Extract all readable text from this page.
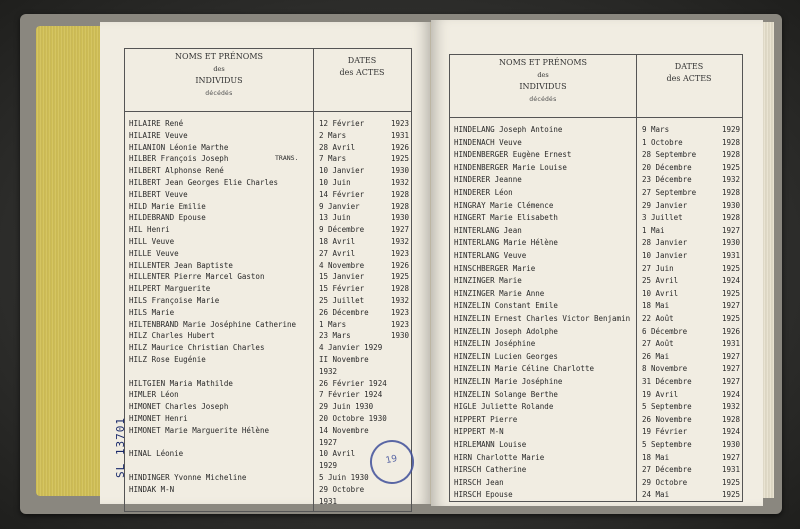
NOMS ET PRÉNOMS
des
INDIVIDUS
décédés
DATES
des ACTES
HILAIRE René	12 Février	1923
HILAIRE Veuve	2 Mars	1931
HILANION Léonie Marthe	28 Avril	1926
HILBER François Joseph	TRANS.	7 Mars	1925
HILBERT Alphonse René	10 Janvier	1930
HILBERT Jean Georges Elie Charles	10 Juin	1932
HILBERT Veuve	14 Février	1928
HILD Marie Emilie	9 Janvier	1928
HILDEBRAND Epouse	13 Juin	1930
HIL Henri	9 Décembre	1927
HILL Veuve	18 Avril	1932
HILLE Veuve	27 Avril	1923
HILLENTER Jean Baptiste	4 Novembre	1926
HILLENTER Pierre Marcel Gaston	15 Janvier	1925
HILPERT Marguerite	15 Février	1928
HILS Françoise Marie	25 Juillet	1932
HILS Marie	26 Décembre	1923
HILTENBRAND Marie Joséphine Catherine	1 Mars	1923
HILZ Charles Hubert	23 Mars	1930
HILZ Maurice Christian Charles	4 Janvier 1929
HILZ Rose Eugénie	II Novembre
1932
HILTGIEN Maria Mathilde	26 Février 1924
HIMLER Léon	7 Février 1924
HIMONET Charles Joseph	29 Juin 1930
HIMONET Henri	20 Octobre 1930
HIMONET Marie Marguerite Hélène	14 Novembre
1927
HINAL Léonie	10 Avril
1929
HINDINGER Yvonne Micheline	5 Juin 1930
HINDAK M-N	29 Octobre
1931
19
SL 13701
NOMS ET PRÉNOMS
des
INDIVIDUS
décédés
DATES
des ACTES
HINDELANG Joseph Antoine	9 Mars	1929
HINDENACH Veuve	1 Octobre	1928
HINDENBERGER Eugène Ernest	28 Septembre	1928
HINDENBERGER Marie Louise	20 Décembre	1925
HINDERER Jeanne	23 Décembre	1932
HINDERER Léon	27 Septembre	1928
HINGRAY Marie Clémence	29 Janvier	1930
HINGERT Marie Elisabeth	3 Juillet	1928
HINTERLANG Jean	1 Mai	1927
HINTERLANG Marie Hélène	28 Janvier	1930
HINTERLANG Veuve	10 Janvier	1931
HINSCHBERGER Marie	27 Juin	1925
HINZINGER Marie	25 Avril	1924
HINZINGER Marie Anne	10 Avril	1925
HINZELIN Constant Emile	18 Mai	1927
HINZELIN Ernest Charles Victor Benjamin 22 Août	1925
HINZELIN Joseph Adolphe	6 Décembre	1926
HINZELIN Joséphine	27 Août	1931
HINZELIN Lucien Georges	26 Mai	1927
HINZELIN Marie Céline Charlotte	8 Novembre	1927
HINZELIN Marie Joséphine	31 Décembre	1927
HINZELIN Solange Berthe	19 Avril	1924
HIGLE Juliette Rolande	5 Septembre	1932
HIPPERT Pierre	26 Novembre	1928
HIPPERT M-N	19 Février	1924
HIRLEMANN Louise	5 Septembre	1930
HIRN Charlotte Marie	18 Mai	1927
HIRSCH Catherine	27 Décembre	1931
HIRSCH Jean	29 Octobre	1925
HIRSCH Epouse	24 Mai	1925
